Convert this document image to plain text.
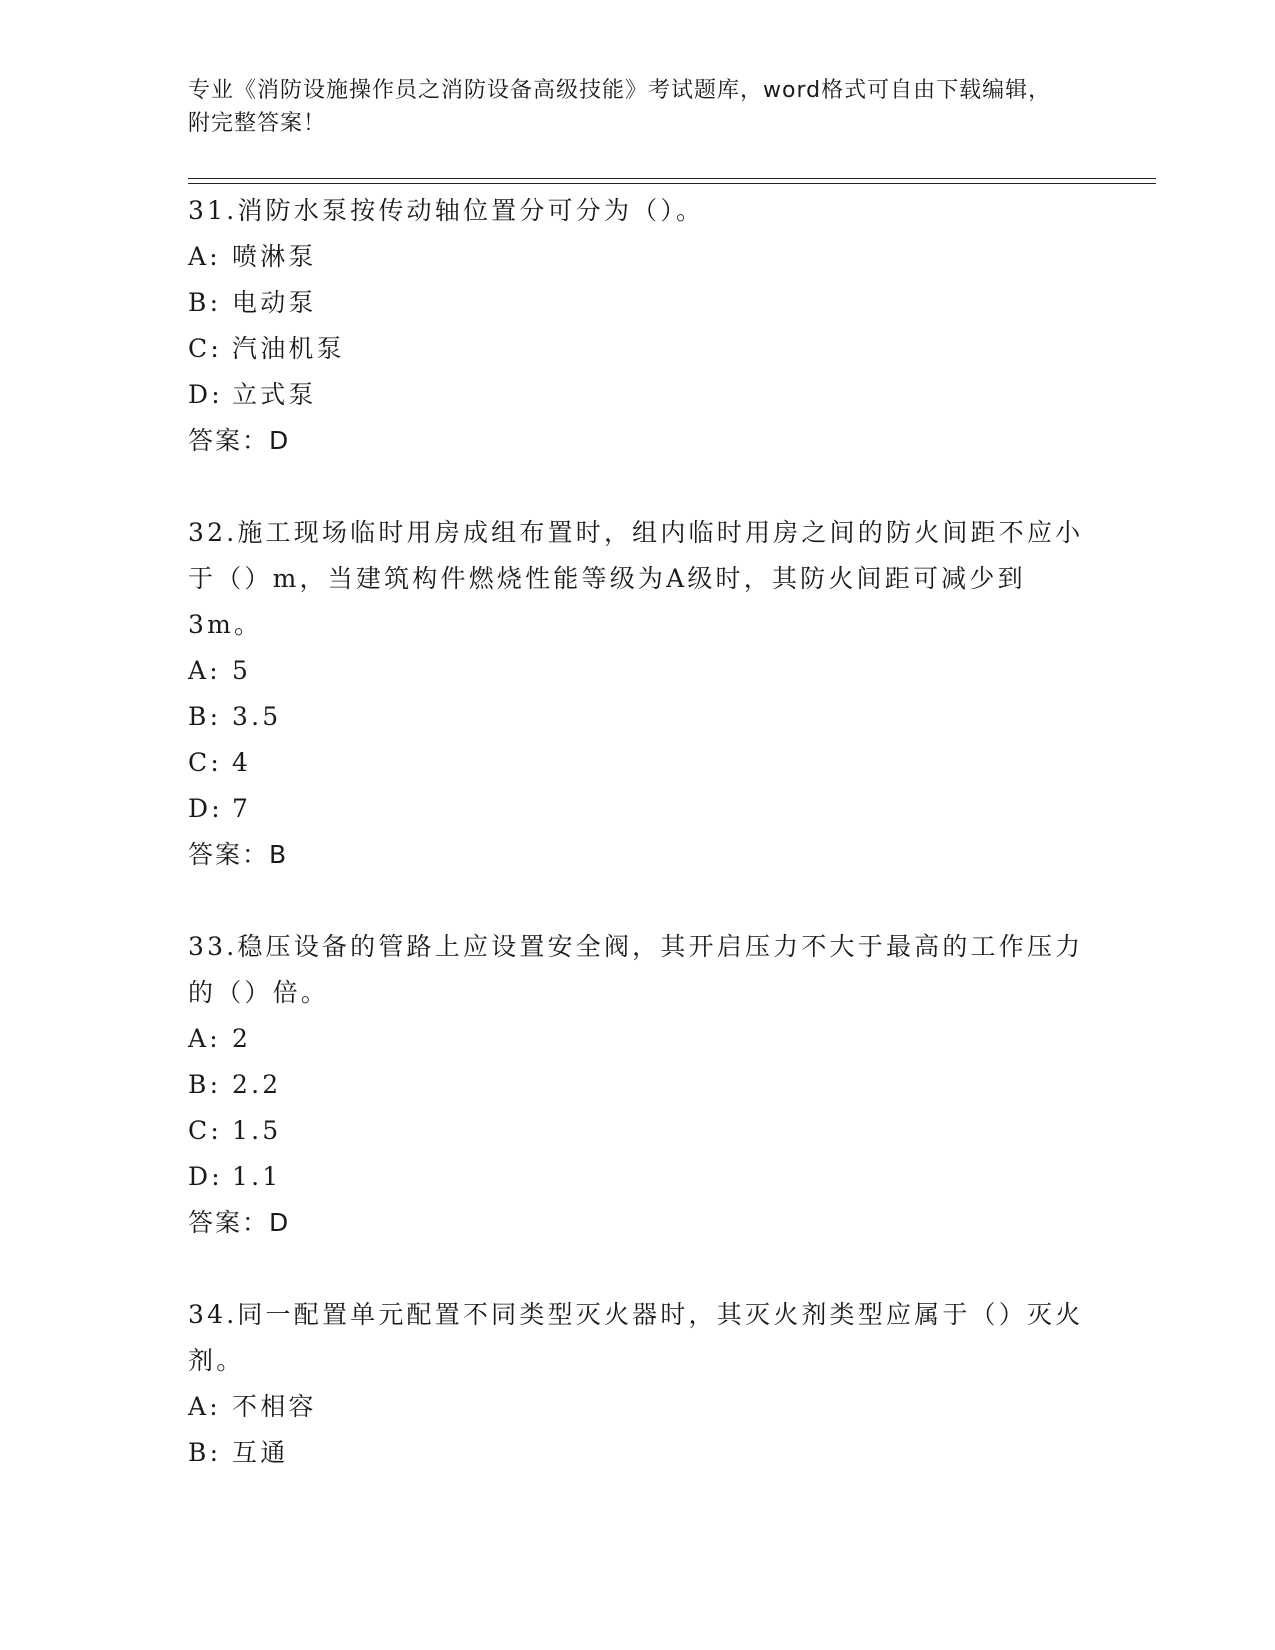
专业《消防设施操作员之消防设备高级技能》考试题库，word格式可自由下载编辑，附完整答案！

31.消防水泵按传动轴位置分可分为（）。

A: 喷淋泵

B: 电动泵

C: 汽油机泵

D: 立式泵

答案：D

32.施工现场临时用房成组布置时，组内临时用房之间的防火间距不应小于（）m，当建筑构件燃烧性能等级为A级时，其防火间距可减少到3m。

A: 5

B: 3.5

C: 4

D: 7

答案：B

33.稳压设备的管路上应设置安全阀，其开启压力不大于最高的工作压力的（）倍。

A: 2

B: 2.2

C: 1.5

D: 1.1

答案：D

34.同一配置单元配置不同类型灭火器时，其灭火剂类型应属于（）灭火剂。

A: 不相容

B: 互通
